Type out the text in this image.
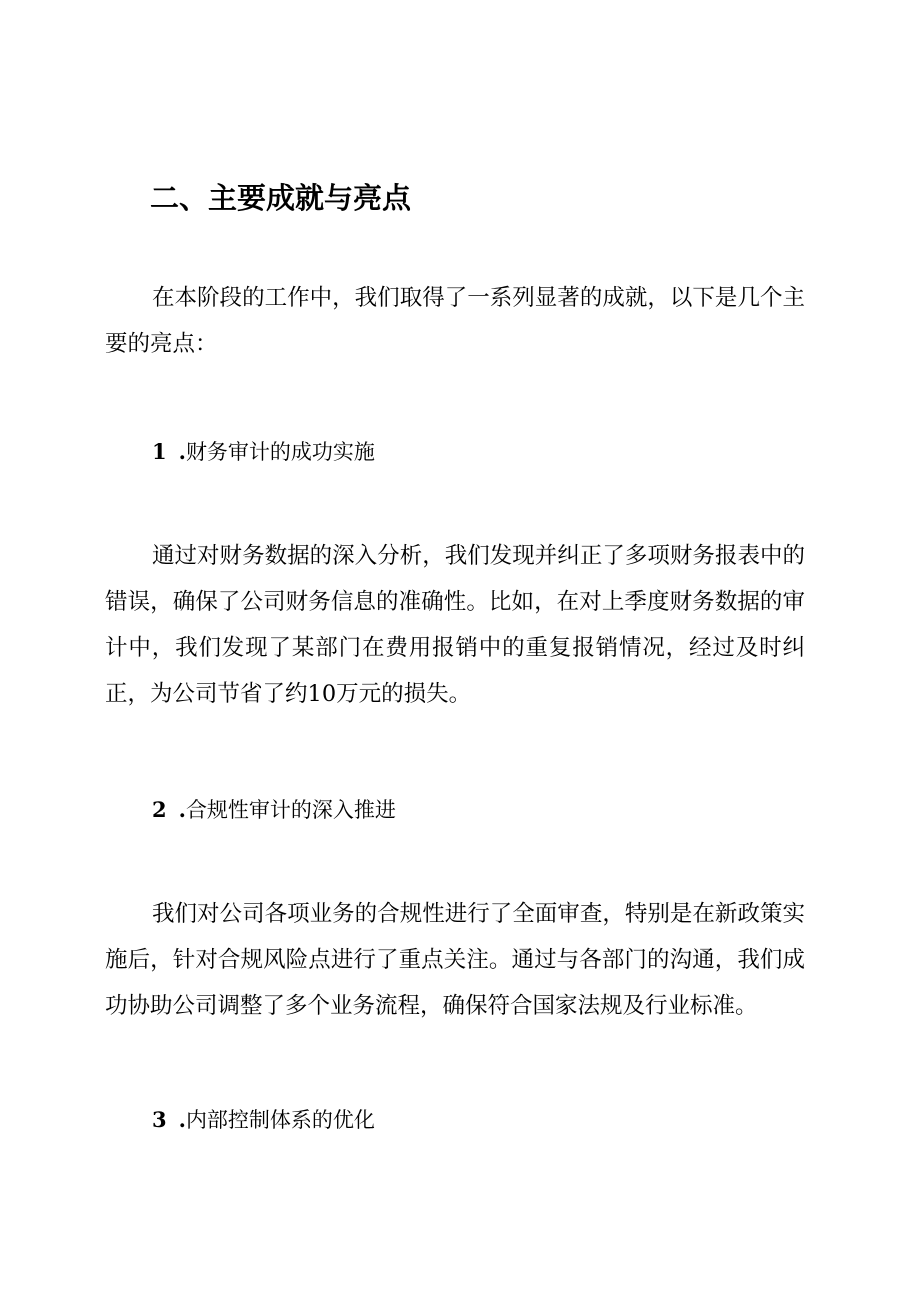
二、主要成就与亮点

在本阶段的工作中，我们取得了一系列显著的成就，以下是几个主要的亮点：

1 .财务审计的成功实施

通过对财务数据的深入分析，我们发现并纠正了多项财务报表中的错误，确保了公司财务信息的准确性。比如，在对上季度财务数据的审计中，我们发现了某部门在费用报销中的重复报销情况，经过及时纠正，为公司节省了约10万元的损失。

2 .合规性审计的深入推进

我们对公司各项业务的合规性进行了全面审查，特别是在新政策实施后，针对合规风险点进行了重点关注。通过与各部门的沟通，我们成功协助公司调整了多个业务流程，确保符合国家法规及行业标准。

3 .内部控制体系的优化
